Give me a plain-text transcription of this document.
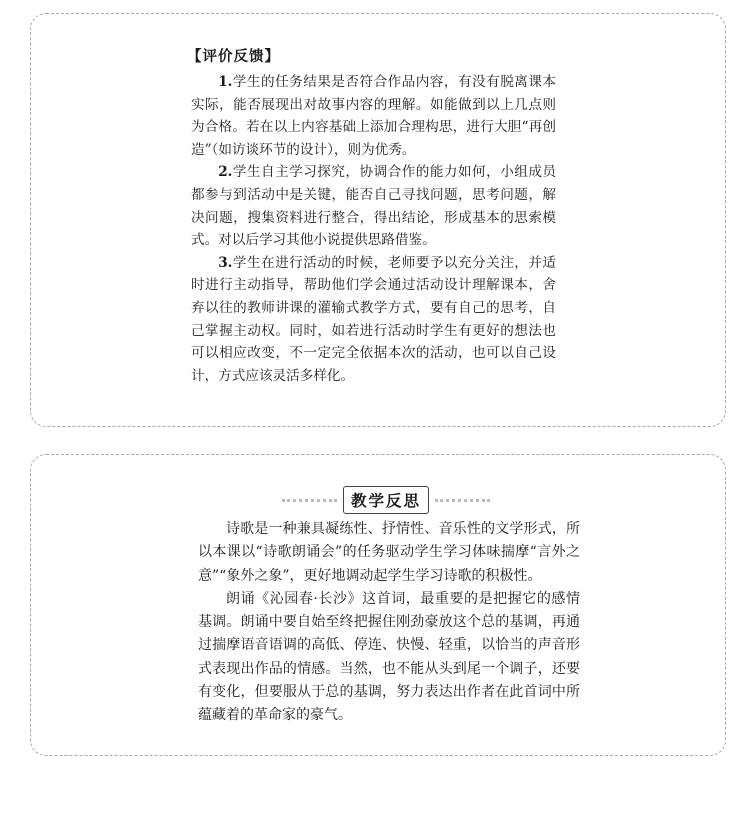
【评价反馈】

1.学生的任务结果是否符合作品内容，有没有脱离课本实际，能否展现出对故事内容的理解。如能做到以上几点则为合格。若在以上内容基础上添加合理构思，进行大胆“再创造”（如访谈环节的设计），则为优秀。

2.学生自主学习探究，协调合作的能力如何，小组成员都参与到活动中是关键，能否自己寻找问题，思考问题，解决问题，搜集资料进行整合，得出结论，形成基本的思索模式。对以后学习其他小说提供思路借鉴。

3.学生在进行活动的时候，老师要予以充分关注，并适时进行主动指导，帮助他们学会通过活动设计理解课本，舍弃以往的教师讲课的灌输式教学方式，要有自己的思考，自己掌握主动权。同时，如若进行活动时学生有更好的想法也可以相应改变，不一定完全依据本次的活动，也可以自己设计，方式应该灵活多样化。

教学反思

诗歌是一种兼具凝练性、抒情性、音乐性的文学形式，所以本课以“诗歌朗诵会”的任务驱动学生学习体味揣摩“言外之意”“象外之象”，更好地调动起学生学习诗歌的积极性。

朗诵《沁园春·长沙》这首词，最重要的是把握它的感情基调。朗诵中要自始至终把握住刚劲豪放这个总的基调，再通过揣摩语音语调的高低、停连、快慢、轻重，以恰当的声音形式表现出作品的情感。当然，也不能从头到尾一个调子，还要有变化，但要服从于总的基调，努力表达出作者在此首词中所蕴藏着的革命家的豪气。
